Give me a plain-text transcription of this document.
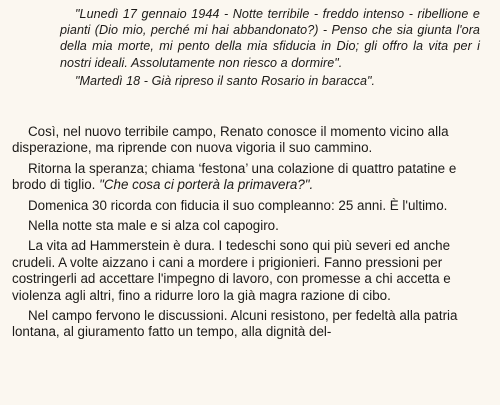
"Lunedì 17 gennaio 1944 - Notte terribile - freddo intenso - ribellione e pianti (Dio mio, perché mi hai abbandonato?) - Penso che sia giunta l'ora della mia morte, mi pento della mia sfiducia in Dio; gli offro la vita per i nostri ideali. Assolutamente non riesco a dormire".

"Martedì 18 - Già ripreso il santo Rosario in baracca".

Così, nel nuovo terribile campo, Renato conosce il momento vicino alla disperazione, ma riprende con nuova vigoria il suo cammino.

Ritorna la speranza; chiama ‘festona’ una colazione di quattro patatine e brodo di tiglio. "Che cosa ci porterà la primavera?".

Domenica 30 ricorda con fiducia il suo compleanno: 25 anni. È l'ultimo.

Nella notte sta male e si alza col capogiro.

La vita ad Hammerstein è dura. I tedeschi sono qui più severi ed anche crudeli. A volte aizzano i cani a mordere i prigionieri. Fanno pressioni per costringerli ad accettare l'impegno di lavoro, con promesse a chi accetta e violenza agli altri, fino a ridurre loro la già magra razione di cibo.

Nel campo fervono le discussioni. Alcuni resistono, per fedeltà alla patria lontana, al giuramento fatto un tempo, alla dignità del-
